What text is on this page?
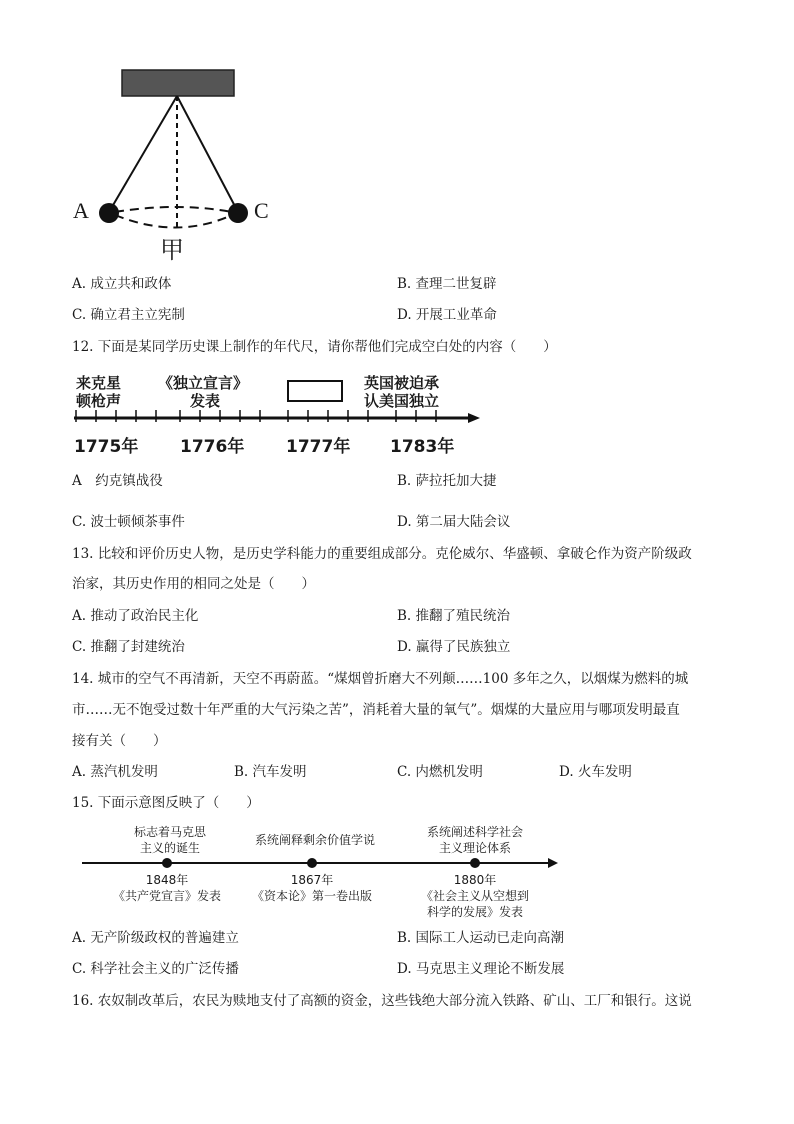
A	C
甲
A. 成立共和政体	B. 查理二世复辟
C. 确立君主立宪制	D. 开展工业革命
12. 下面是某同学历史课上制作的年代尺，请你帮他们完成空白处的内容（　　）
来克星
顿枪声
《独立宣言》
发表
英国被迫承
认美国独立
1775年 1776年 1777年 1783年
A　约克镇战役	B. 萨拉托加大捷
C. 波士顿倾茶事件	D. 第二届大陆会议
13. 比较和评价历史人物，是历史学科能力的重要组成部分。克伦威尔、华盛顿、拿破仑作为资产阶级政
治家，其历史作用的相同之处是（　　）
A. 推动了政治民主化	B. 推翻了殖民统治
C. 推翻了封建统治	D. 赢得了民族独立
14. 城市的空气不再清新，天空不再蔚蓝。“煤烟曾折磨大不列颠……100 多年之久，以烟煤为燃料的城
市……无不饱受过数十年严重的大气污染之苦”，消耗着大量的氧气”。烟煤的大量应用与哪项发明最直
接有关（　　）
A. 蒸汽机发明	B. 汽车发明	C. 内燃机发明	D. 火车发明
15. 下面示意图反映了（　　）
标志着马克思
主义的诞生
系统阐释剩余价值学说
系统阐述科学社会
主义理论体系
1848年	1867年	1880年
《共产党宣言》发表	《资本论》第一卷出版	《社会主义从空想到
科学的发展》发表
A. 无产阶级政权的普遍建立	B. 国际工人运动已走向高潮
C. 科学社会主义的广泛传播	D. 马克思主义理论不断发展
16. 农奴制改革后，农民为赎地支付了高额的资金，这些钱绝大部分流入铁路、矿山、工厂和银行。这说
